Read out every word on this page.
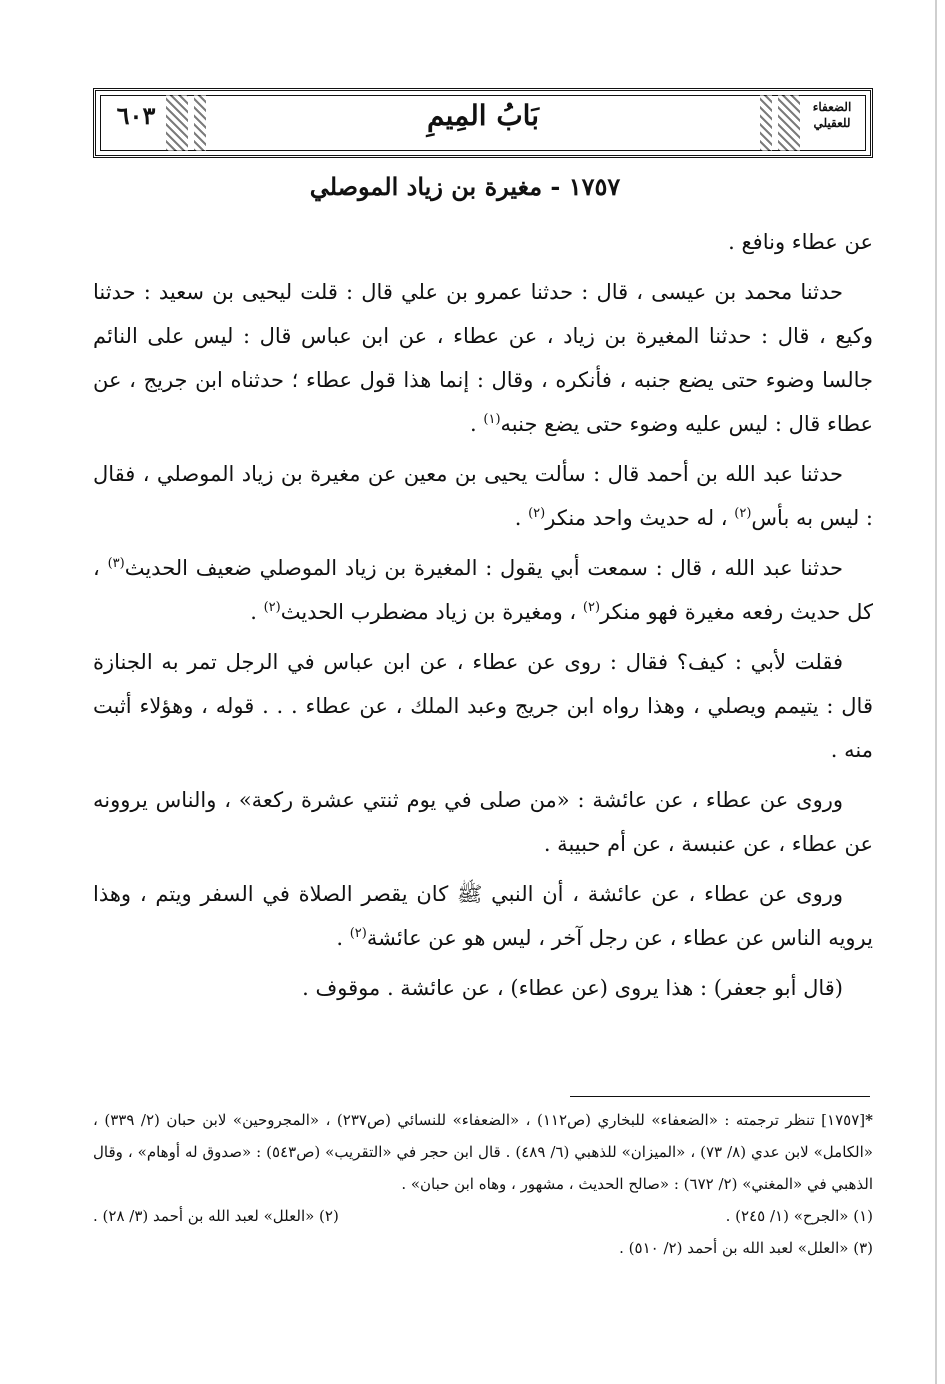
٦٠٣	بَابُ المِيمِ	الضعفاء للعقيلي
١٧٥٧ - مغيرة بن زياد الموصلي

عن عطاء ونافع .

حدثنا محمد بن عيسى ، قال : حدثنا عمرو بن علي قال : قلت ليحيى بن سعيد : حدثنا وكيع ، قال : حدثنا المغيرة بن زياد ، عن عطاء ، عن ابن عباس قال : ليس على النائم جالسا وضوء حتى يضع جنبه ، فأنكره ، وقال : إنما هذا قول عطاء ؛ حدثناه ابن جريج ، عن عطاء قال : ليس عليه وضوء حتى يضع جنبه$^{(١)}$ .

حدثنا عبد الله بن أحمد قال : سألت يحيى بن معين عن مغيرة بن زياد الموصلي ، فقال : ليس به بأس$^{(٢)}$ ، له حديث واحد منكر$^{(٢)}$ .

حدثنا عبد الله ، قال : سمعت أبي يقول : المغيرة بن زياد الموصلي ضعيف الحديث$^{(٣)}$ ، كل حديث رفعه مغيرة فهو منكر$^{(٢)}$ ، ومغيرة بن زياد مضطرب الحديث$^{(٢)}$ .

فقلت لأبي : كيف؟ فقال : روى عن عطاء ، عن ابن عباس في الرجل تمر به الجنازة قال : يتيمم ويصلي ، وهذا رواه ابن جريج وعبد الملك ، عن عطاء . . . قوله ، وهؤلاء أثبت منه .

وروى عن عطاء ، عن عائشة : «من صلى في يوم ثنتي عشرة ركعة» ، والناس يروونه عن عطاء ، عن عنبسة ، عن أم حبيبة .

وروى عن عطاء ، عن عائشة ، أن النبي ﷺ كان يقصر الصلاة في السفر ويتم ، وهذا يرويه الناس عن عطاء ، عن رجل آخر ، ليس هو عن عائشة$^{(٢)}$ .

(قال أبو جعفر) : هذا يروى (عن عطاء) ، عن عائشة . موقوف .

*[١٧٥٧] تنظر ترجمته : «الضعفاء» للبخاري (ص١١٢) ، «الضعفاء» للنسائي (ص٢٣٧) ، «المجروحين» لابن حبان (٢/ ٣٣٩) ، «الكامل» لابن عدي (٨/ ٧٣) ، «الميزان» للذهبي (٦/ ٤٨٩) . قال ابن حجر في «التقريب» (ص٥٤٣) : «صدوق له أوهام» ، وقال الذهبي في «المغني» (٢/ ٦٧٢) : «صالح الحديث ، مشهور ، وهاه ابن حبان» .

(١) «الجرح» (١/ ٢٤٥) .
(٢) «العلل» لعبد الله بن أحمد (٣/ ٢٨) .

(٣) «العلل» لعبد الله بن أحمد (٢/ ٥١٠) .
